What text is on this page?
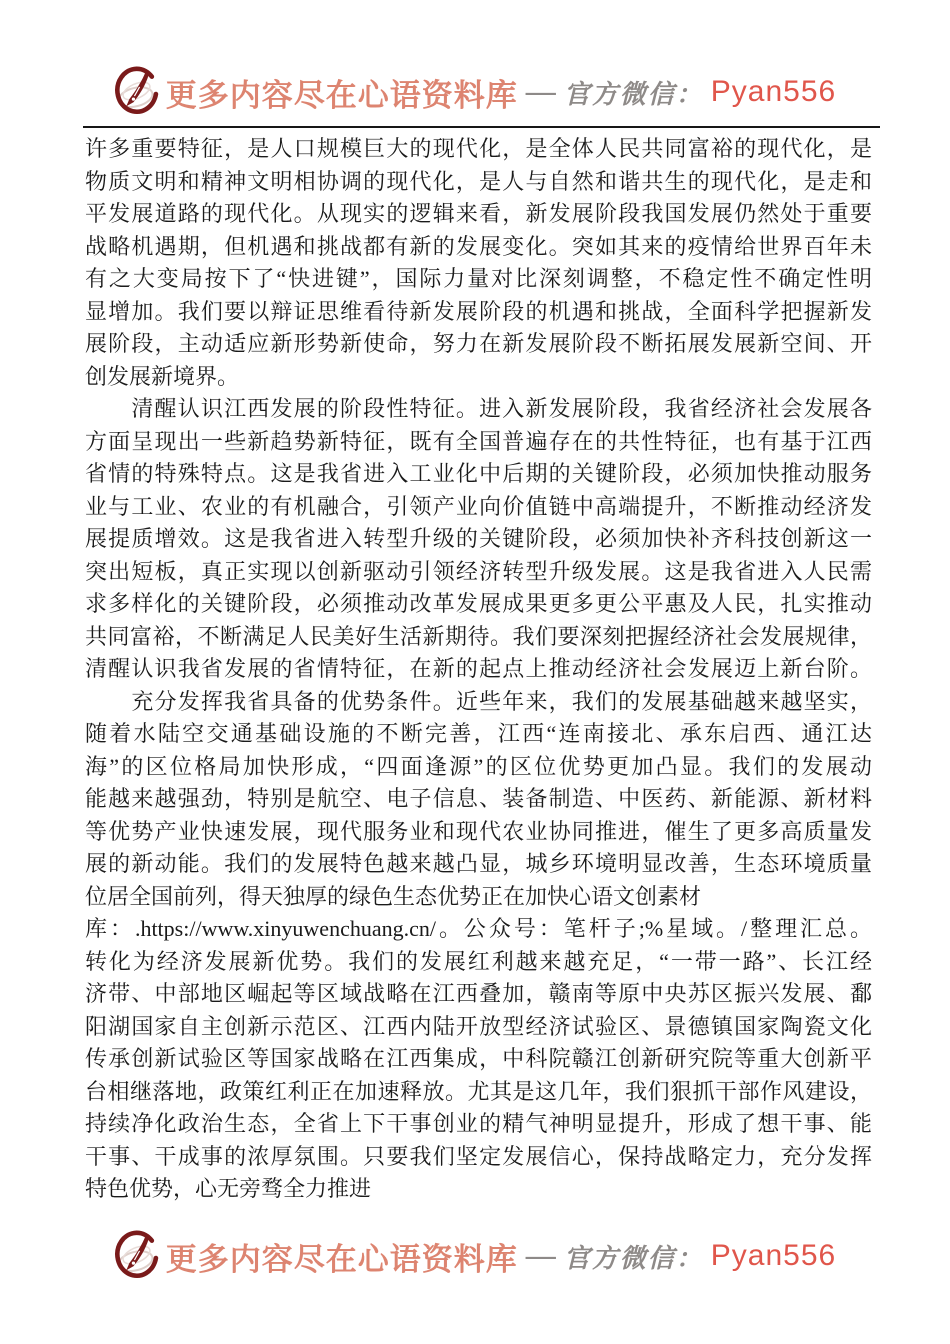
更多内容尽在心语资料库 — 官方微信： Pyan556
许多重要特征，是人口规模巨大的现代化，是全体人民共同富裕的现代化，是
物质文明和精神文明相协调的现代化，是人与自然和谐共生的现代化，是走和
平发展道路的现代化。从现实的逻辑来看，新发展阶段我国发展仍然处于重要
战略机遇期，但机遇和挑战都有新的发展变化。突如其来的疫情给世界百年未
有之大变局按下了“快进键”，国际力量对比深刻调整，不稳定性不确定性明
显增加。我们要以辩证思维看待新发展阶段的机遇和挑战，全面科学把握新发
展阶段，主动适应新形势新使命，努力在新发展阶段不断拓展发展新空间、开
创发展新境界。
　　清醒认识江西发展的阶段性特征。进入新发展阶段，我省经济社会发展各
方面呈现出一些新趋势新特征，既有全国普遍存在的共性特征，也有基于江西
省情的特殊特点。这是我省进入工业化中后期的关键阶段，必须加快推动服务
业与工业、农业的有机融合，引领产业向价值链中高端提升，不断推动经济发
展提质增效。这是我省进入转型升级的关键阶段，必须加快补齐科技创新这一
突出短板，真正实现以创新驱动引领经济转型升级发展。这是我省进入人民需
求多样化的关键阶段，必须推动改革发展成果更多更公平惠及人民，扎实推动
共同富裕，不断满足人民美好生活新期待。我们要深刻把握经济社会发展规律，
清醒认识我省发展的省情特征，在新的起点上推动经济社会发展迈上新台阶。
　　充分发挥我省具备的优势条件。近些年来，我们的发展基础越来越坚实，
随着水陆空交通基础设施的不断完善，江西“连南接北、承东启西、通江达
海”的区位格局加快形成，“四面逢源”的区位优势更加凸显。我们的发展动
能越来越强劲，特别是航空、电子信息、装备制造、中医药、新能源、新材料
等优势产业快速发展，现代服务业和现代农业协同推进，催生了更多高质量发
展的新动能。我们的发展特色越来越凸显，城乡环境明显改善，生态环境质量
位居全国前列，得天独厚的绿色生态优势正在加快心语文创素材
库：.https://www.xinyuwenchuang.cn/。公众号：笔杆子;%星域。/整理汇总。
转化为经济发展新优势。我们的发展红利越来越充足，“一带一路”、长江经
济带、中部地区崛起等区域战略在江西叠加，赣南等原中央苏区振兴发展、鄱
阳湖国家自主创新示范区、江西内陆开放型经济试验区、景德镇国家陶瓷文化
传承创新试验区等国家战略在江西集成，中科院赣江创新研究院等重大创新平
台相继落地，政策红利正在加速释放。尤其是这几年，我们狠抓干部作风建设，
持续净化政治生态，全省上下干事创业的精气神明显提升，形成了想干事、能
干事、干成事的浓厚氛围。只要我们坚定发展信心，保持战略定力，充分发挥
特色优势，心无旁骛全力推进
更多内容尽在心语资料库 — 官方微信： Pyan556
